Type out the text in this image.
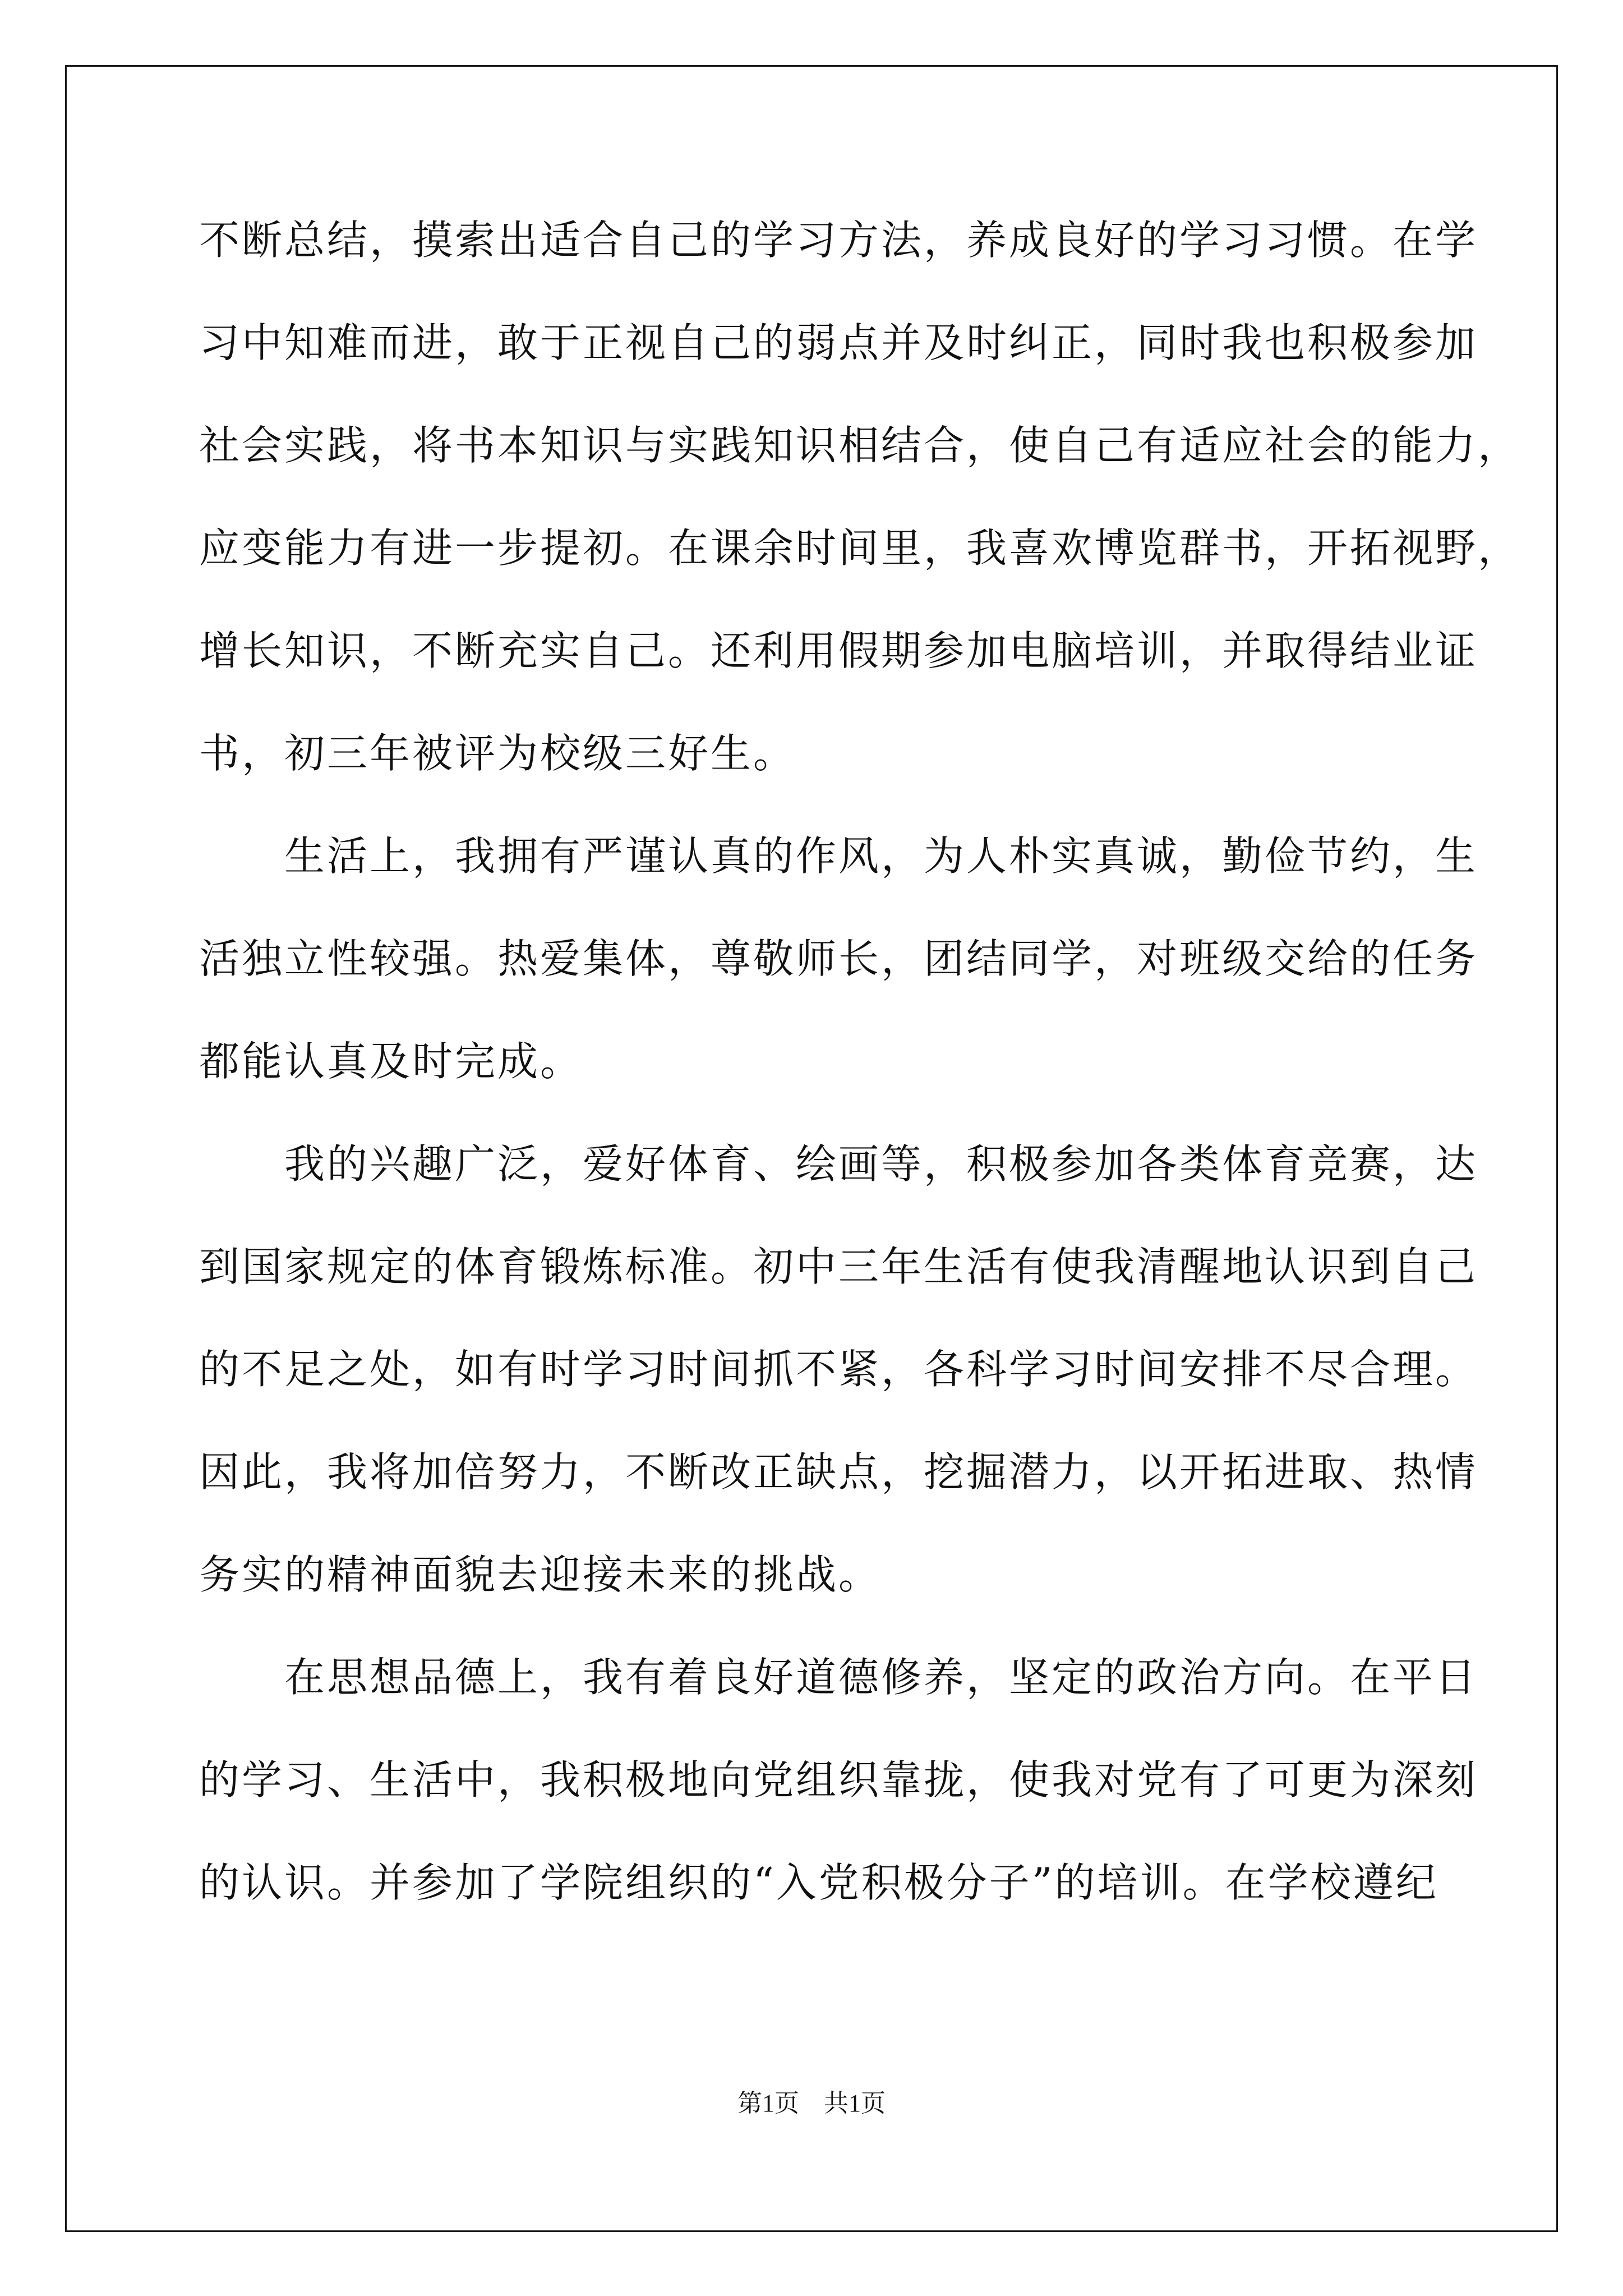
不断总结，摸索出适合自己的学习方法，养成良好的学习习惯。在学
习中知难而进，敢于正视自己的弱点并及时纠正，同时我也积极参加
社会实践，将书本知识与实践知识相结合，使自己有适应社会的能力，
应变能力有进一步提初。在课余时间里，我喜欢博览群书，开拓视野，
增长知识，不断充实自己。还利用假期参加电脑培训，并取得结业证
书，初三年被评为校级三好生。
　　生活上，我拥有严谨认真的作风，为人朴实真诚，勤俭节约，生
活独立性较强。热爱集体，尊敬师长，团结同学，对班级交给的任务
都能认真及时完成。
　　我的兴趣广泛，爱好体育、绘画等，积极参加各类体育竞赛，达
到国家规定的体育锻炼标准。初中三年生活有使我清醒地认识到自己
的不足之处，如有时学习时间抓不紧，各科学习时间安排不尽合理。
因此，我将加倍努力，不断改正缺点，挖掘潜力，以开拓进取、热情
务实的精神面貌去迎接未来的挑战。
　　在思想品德上，我有着良好道德修养，坚定的政治方向。在平日
的学习、生活中，我积极地向党组织靠拢，使我对党有了可更为深刻
的认识。并参加了学院组织的“入党积极分子”的培训。在学校遵纪
第1页 共1页
